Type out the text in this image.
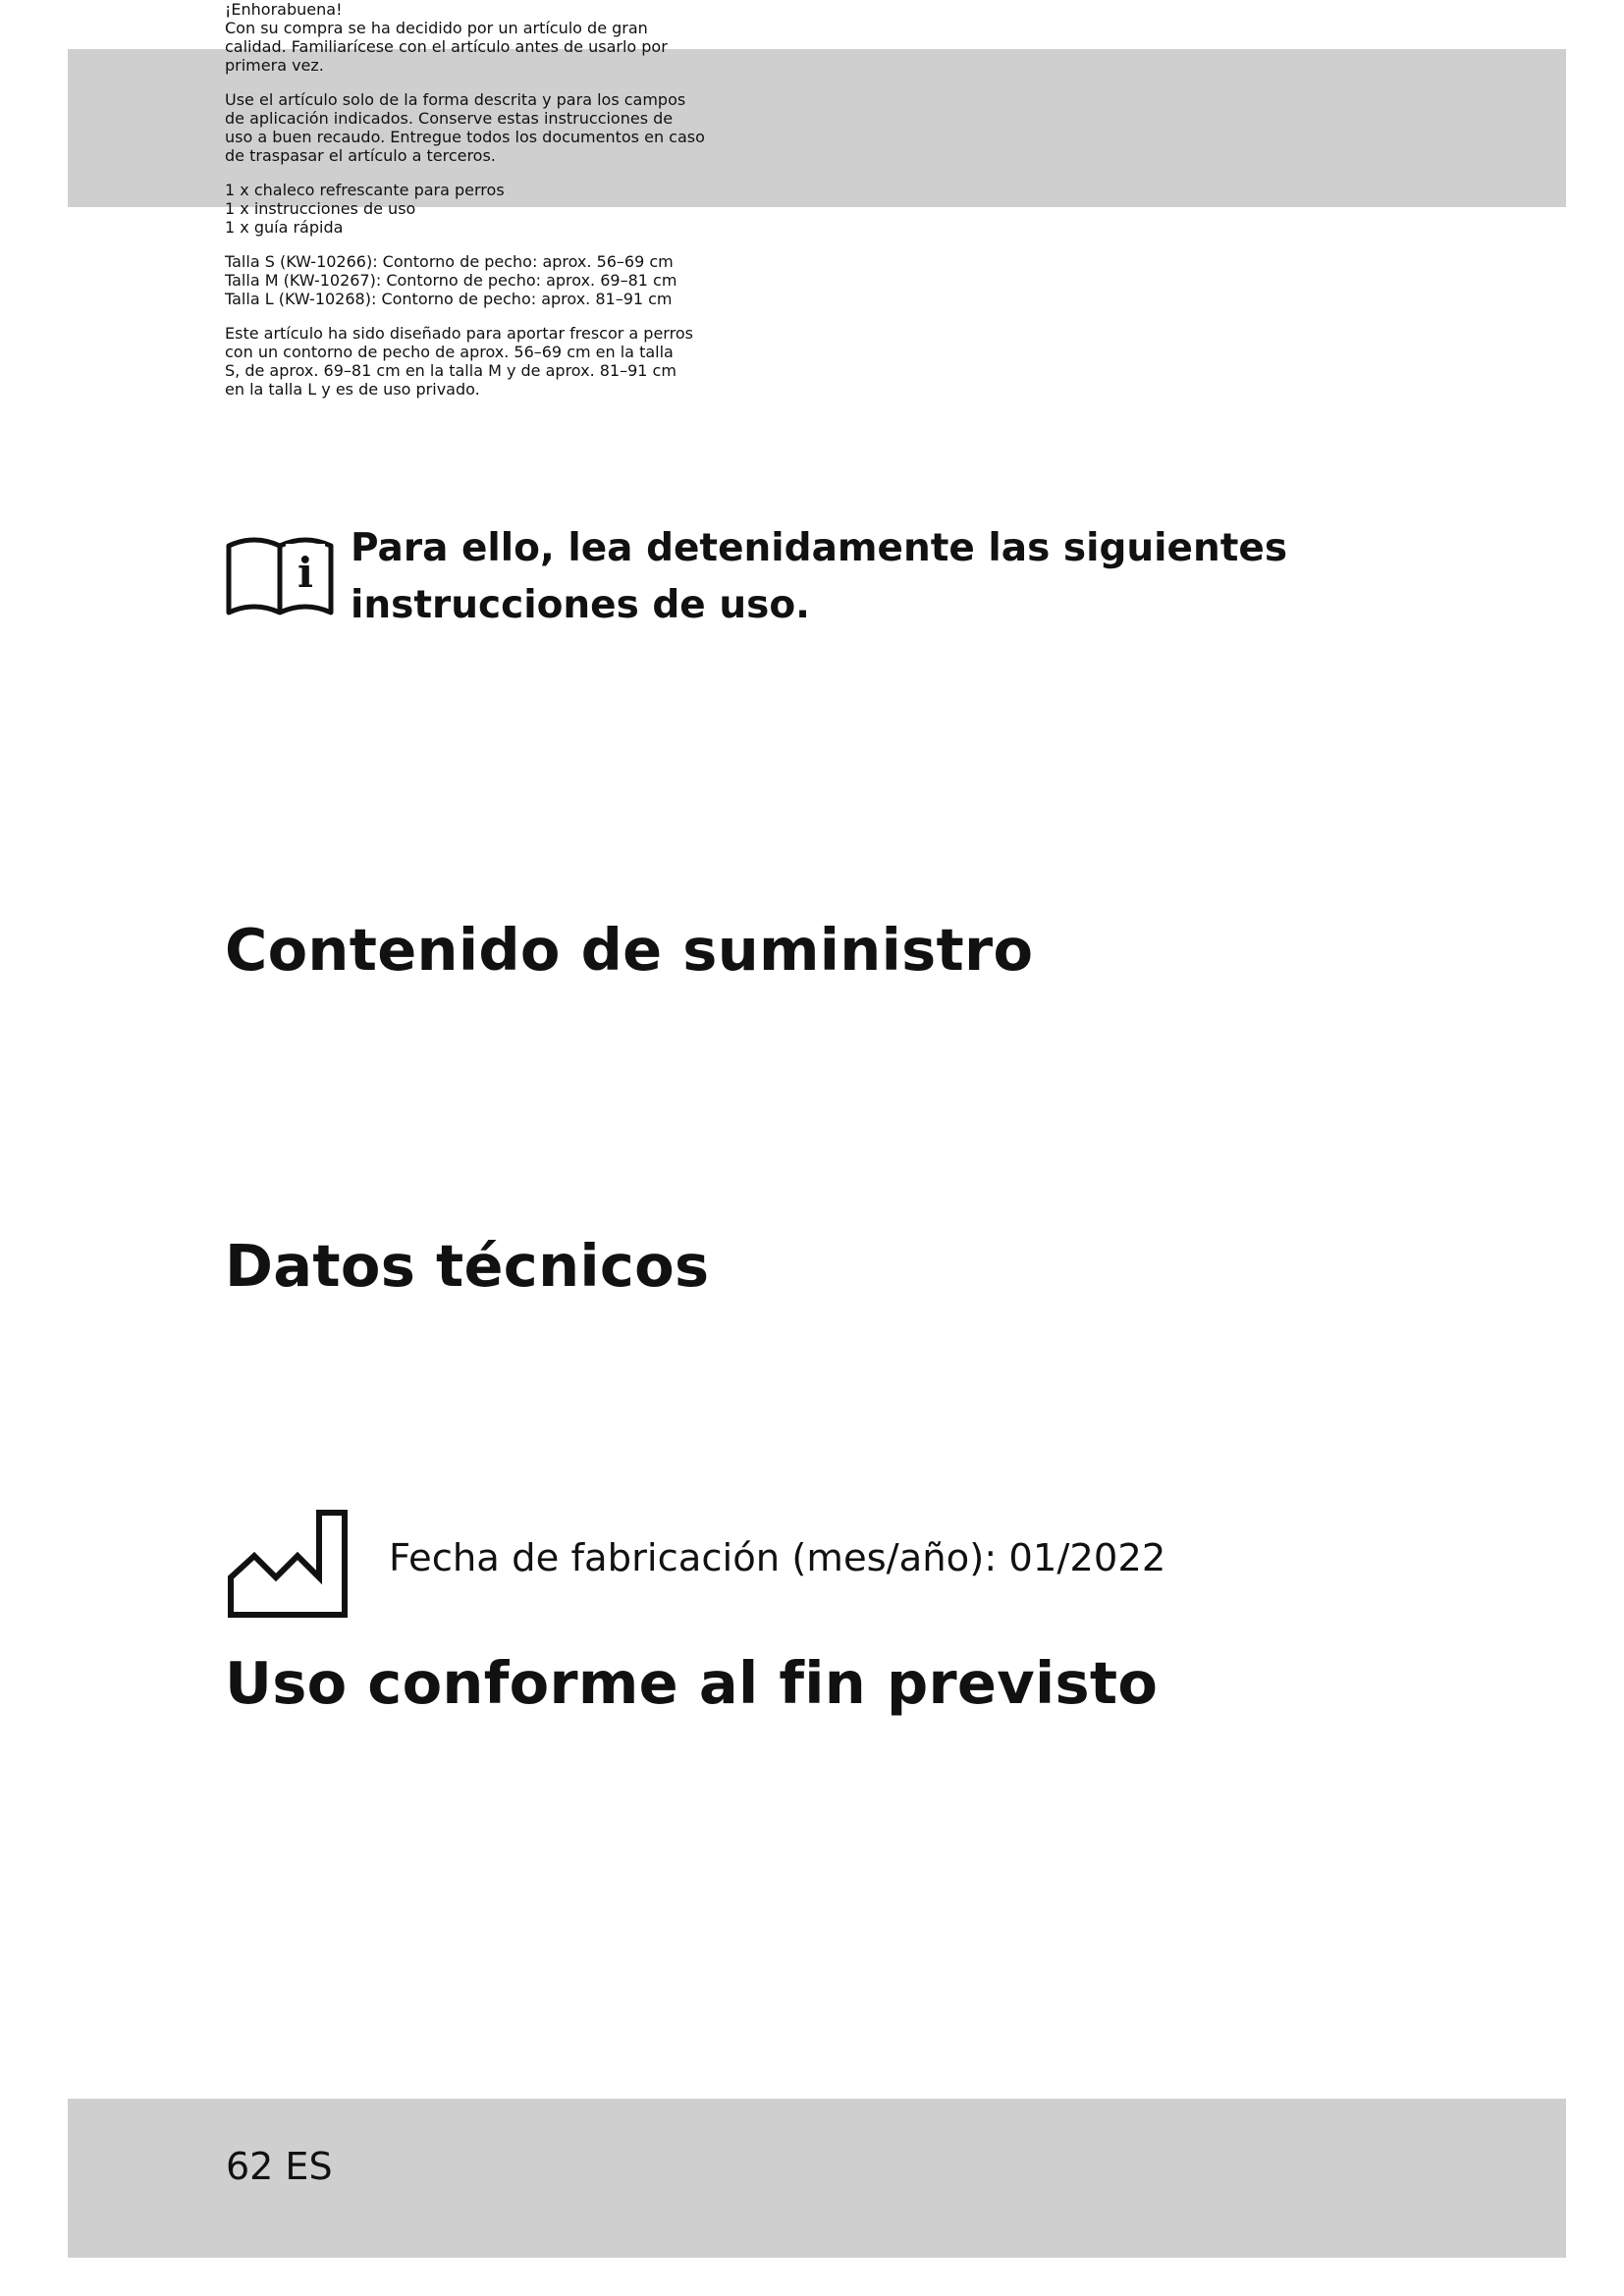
¡Enhorabuena!
Con su compra se ha decidido por un artículo de gran
calidad. Familiarícese con el artículo antes de usarlo por
primera vez.

i

Para ello, lea detenidamente las siguientes
instrucciones de uso.

Use el artículo solo de la forma descrita y para los campos
de aplicación indicados. Conserve estas instrucciones de
uso a buen recaudo. Entregue todos los documentos en caso
de traspasar el artículo a terceros.

Contenido de suministro

1 x chaleco refrescante para perros
1 x instrucciones de uso
1 x guía rápida

Datos técnicos

Talla S (KW-10266): Contorno de pecho: aprox. 56–69 cm
Talla M (KW-10267): Contorno de pecho: aprox. 69–81 cm
Talla L (KW-10268): Contorno de pecho: aprox. 81–91 cm

Fecha de fabricación (mes/año): 01/2022
Uso conforme al fin previsto

Este artículo ha sido diseñado para aportar frescor a perros
con un contorno de pecho de aprox. 56–69 cm en la talla
S, de aprox. 69–81 cm en la talla M y de aprox. 81–91 cm
en la talla L y es de uso privado.

62 ES
